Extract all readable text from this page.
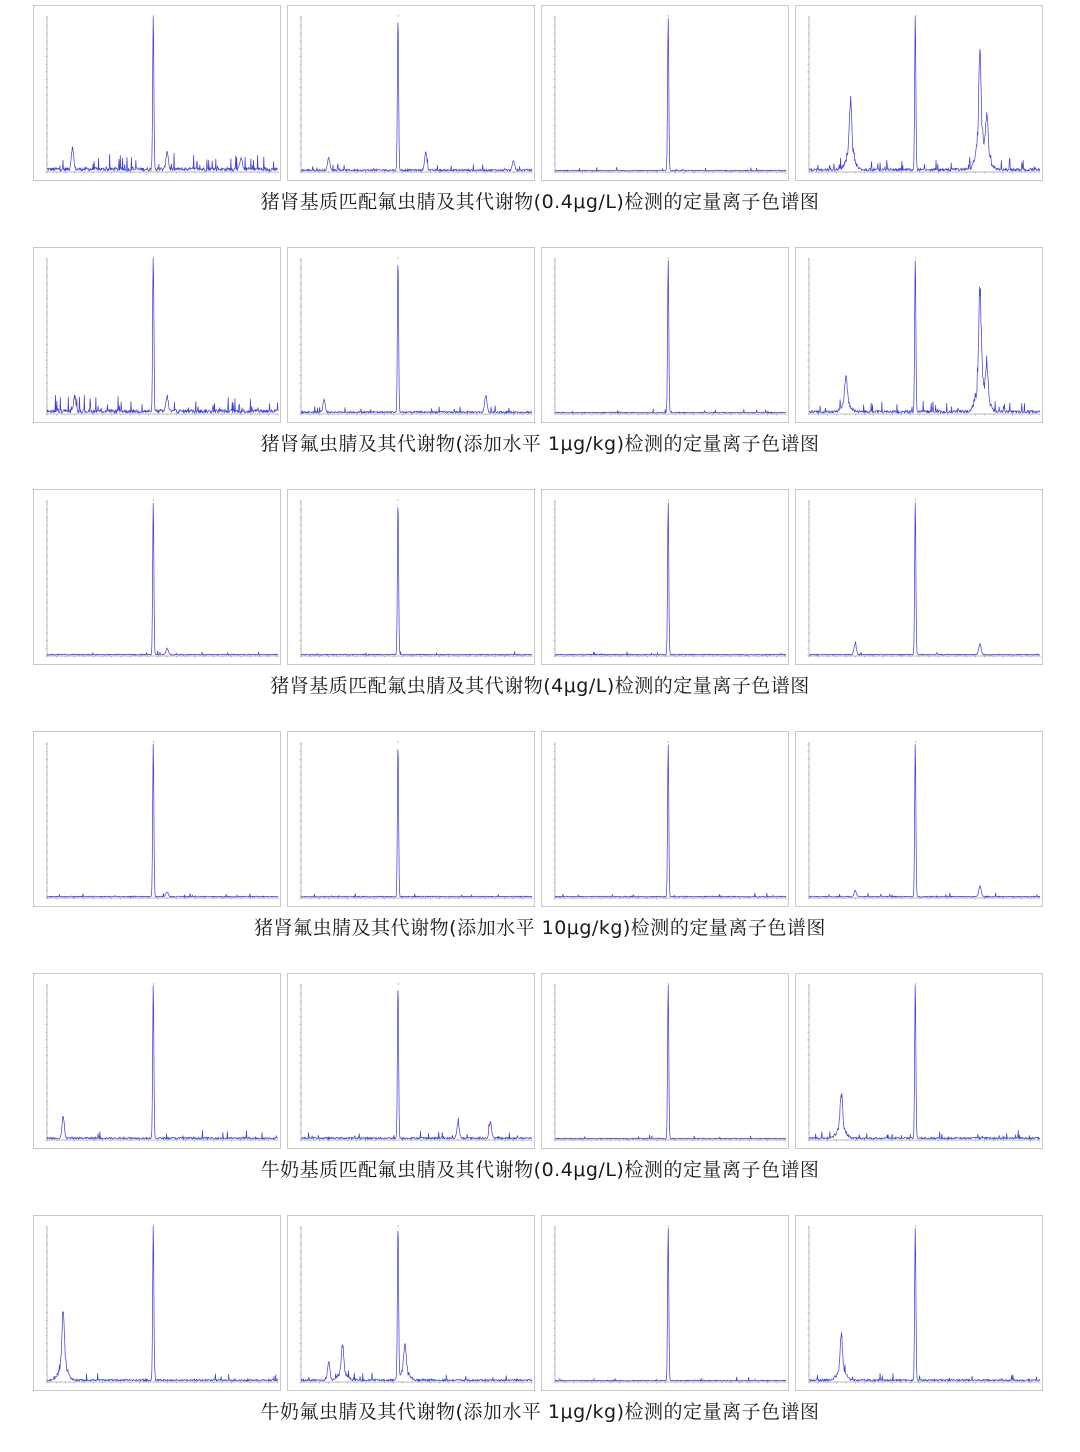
猪肾基质匹配氟虫腈及其代谢物(0.4μg/L)检测的定量离子色谱图
猪肾氟虫腈及其代谢物(添加水平 1μg/kg)检测的定量离子色谱图
猪肾基质匹配氟虫腈及其代谢物(4μg/L)检测的定量离子色谱图
猪肾氟虫腈及其代谢物(添加水平 10μg/kg)检测的定量离子色谱图
牛奶基质匹配氟虫腈及其代谢物(0.4μg/L)检测的定量离子色谱图
牛奶氟虫腈及其代谢物(添加水平 1μg/kg)检测的定量离子色谱图
